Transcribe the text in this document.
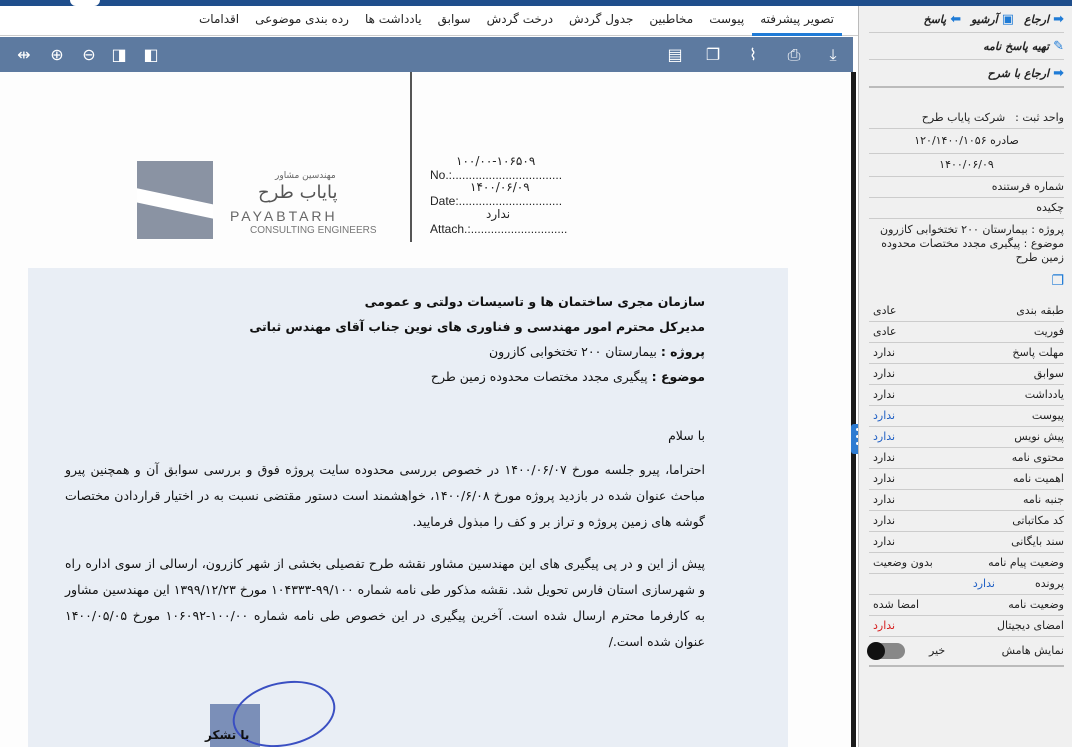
تصویر پیشرفته
پیوست
مخاطبین
جدول گردش
درخت گردش
سوابق
یادداشت ها
رده بندی موضوعی
اقدامات
⤓
⎙
⌇
❐
▤
◧
◨
⊖
⊕
⇹
مهندسین مشاور
پایاب طرح
PAYABTARH
CONSULTING ENGINEERS
۱۰۰/۰۰-۱۰۶۵۰۹
No.:.................................
۱۴۰۰/۰۶/۰۹
Date:...............................
ندارد
Attach.:.............................
سازمان مجری ساختمان ها و تاسیسات دولتی و عمومی
مدیرکل محترم امور مهندسی و فناوری های نوین جناب آقای مهندس ثباتی
پروژه : بیمارستان ۲۰۰ تختخوابی کازرون
موضوع : پیگیری مجدد مختصات محدوده زمین طرح
با سلام
احتراما، پیرو جلسه مورخ ۱۴۰۰/۰۶/۰۷ در خصوص بررسی محدوده سایت پروژه فوق و بررسی سوابق آن و همچنین پیرو مباحث عنوان شده در بازدید پروژه مورخ ۱۴۰۰/۶/۰۸، خواهشمند است دستور مقتضی نسبت به در اختیار قراردادن مختصات گوشه های زمین پروژه و تراز بر و کف را مبذول فرمایید.
پیش از این و در پی پیگیری های این مهندسین مشاور نقشه طرح تفصیلی بخشی از شهر کازرون، ارسالی از سوی اداره راه و شهرسازی استان فارس تحویل شد. نقشه مذکور طی نامه شماره ۹۹/۱۰۰-۱۰۴۳۳۳ مورخ ۱۳۹۹/۱۲/۲۳ این مهندسین مشاور به کارفرما محترم ارسال شده است. آخرین پیگیری در این خصوص طی نامه شماره ۱۰۰/۰۰-۱۰۶۰۹۲ مورخ ۱۴۰۰/۰۵/۰۵ عنوان شده است./
با تشکر
➡
ارجاع
▣
آرشیو
⬅
پاسخ
✎
تهیه پاسخ نامه
➡
ارجاع با شرح
واحد ثبت :
شرکت پایاب طرح
صادره ۱۲۰/۱۴۰۰/۱۰۵۶
۱۴۰۰/۰۶/۰۹
شماره فرستنده
چکیده
پروژه : بیمارستان ۲۰۰ تختخوابی کازرون
موضوع : پیگیری مجدد مختصات محدوده زمین طرح
❐
طبقه بندی
عادی
فوریت
عادی
مهلت پاسخ
ندارد
سوابق
ندارد
یادداشت
ندارد
پیوست
ندارد
پیش نویس
ندارد
محتوی نامه
ندارد
اهمیت نامه
ندارد
جنبه نامه
ندارد
کد مکاتباتی
ندارد
سند بایگانی
ندارد
وضعیت پیام نامه
بدون وضعیت
پرونده
ندارد
وضعیت نامه
امضا شده
امضای دیجیتال
ندارد
نمایش هامش
خیر
